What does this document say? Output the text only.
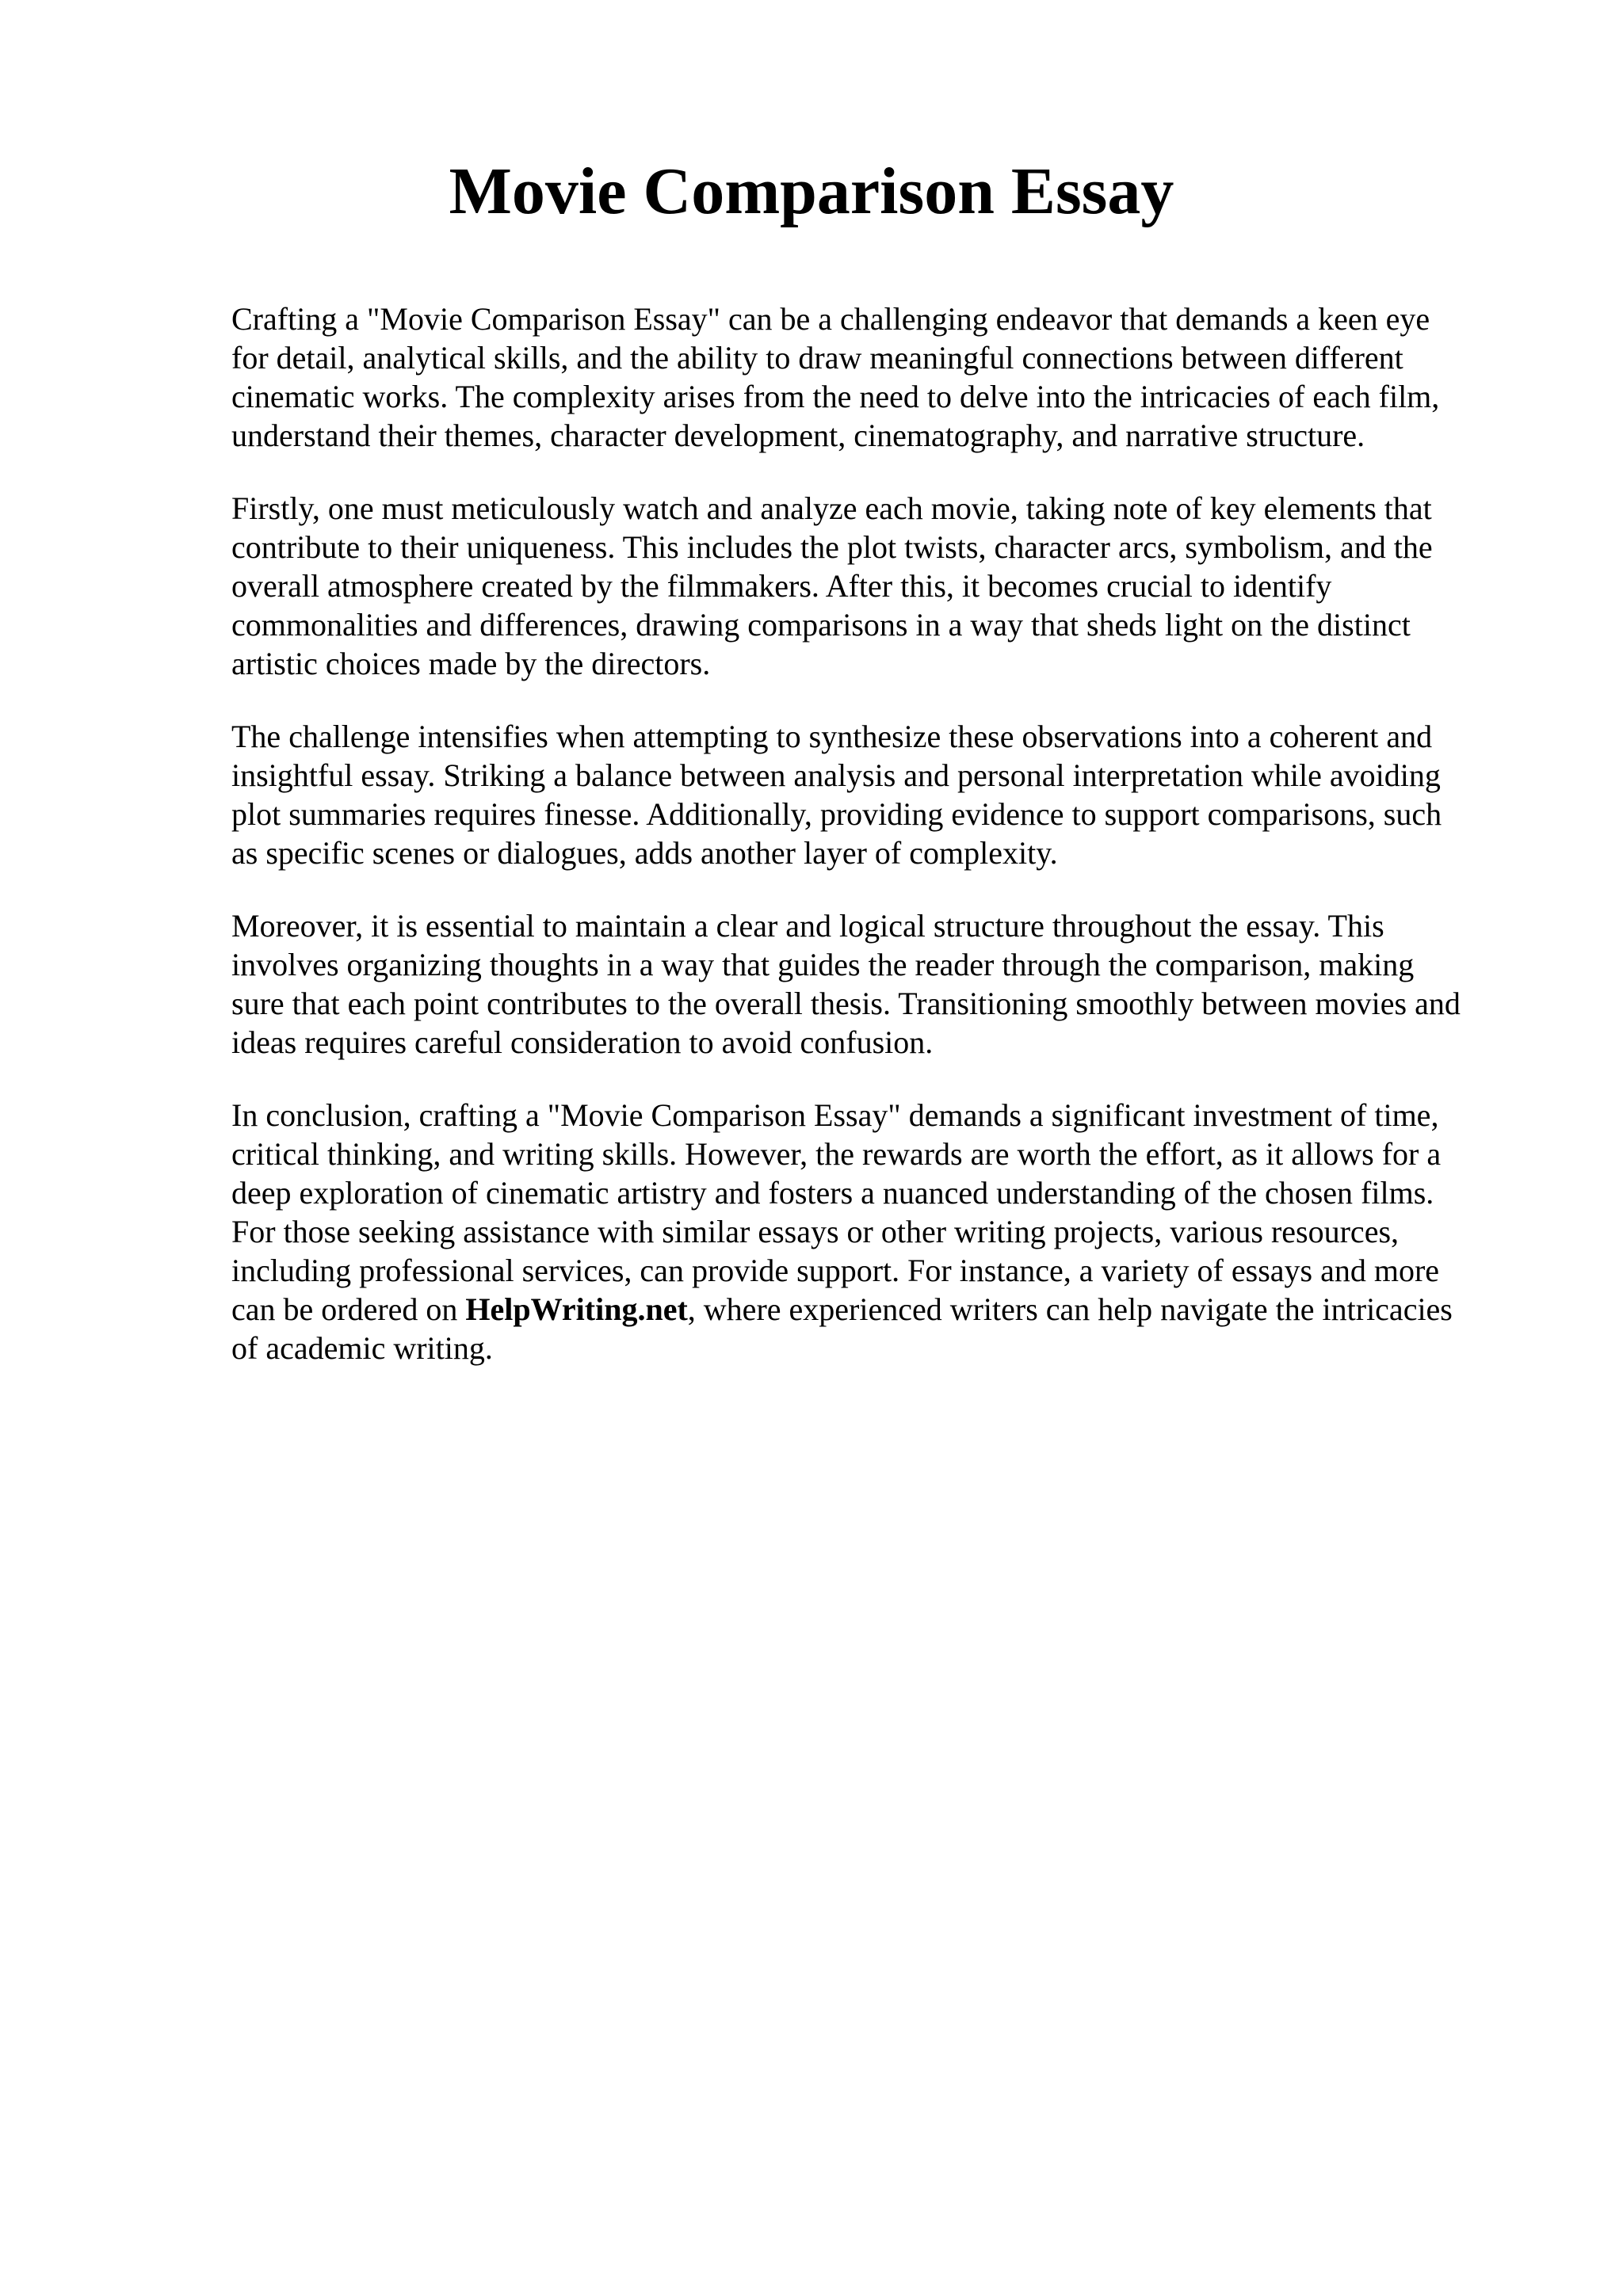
Movie Comparison Essay

Crafting a "Movie Comparison Essay" can be a challenging endeavor that demands a keen eye
for detail, analytical skills, and the ability to draw meaningful connections between different
cinematic works. The complexity arises from the need to delve into the intricacies of each film,
understand their themes, character development, cinematography, and narrative structure.

Firstly, one must meticulously watch and analyze each movie, taking note of key elements that
contribute to their uniqueness. This includes the plot twists, character arcs, symbolism, and the
overall atmosphere created by the filmmakers. After this, it becomes crucial to identify
commonalities and differences, drawing comparisons in a way that sheds light on the distinct
artistic choices made by the directors.

The challenge intensifies when attempting to synthesize these observations into a coherent and
insightful essay. Striking a balance between analysis and personal interpretation while avoiding
plot summaries requires finesse. Additionally, providing evidence to support comparisons, such
as specific scenes or dialogues, adds another layer of complexity.

Moreover, it is essential to maintain a clear and logical structure throughout the essay. This
involves organizing thoughts in a way that guides the reader through the comparison, making
sure that each point contributes to the overall thesis. Transitioning smoothly between movies and
ideas requires careful consideration to avoid confusion.

In conclusion, crafting a "Movie Comparison Essay" demands a significant investment of time,
critical thinking, and writing skills. However, the rewards are worth the effort, as it allows for a
deep exploration of cinematic artistry and fosters a nuanced understanding of the chosen films.
For those seeking assistance with similar essays or other writing projects, various resources,
including professional services, can provide support. For instance, a variety of essays and more
can be ordered on HelpWriting.net, where experienced writers can help navigate the intricacies
of academic writing.
